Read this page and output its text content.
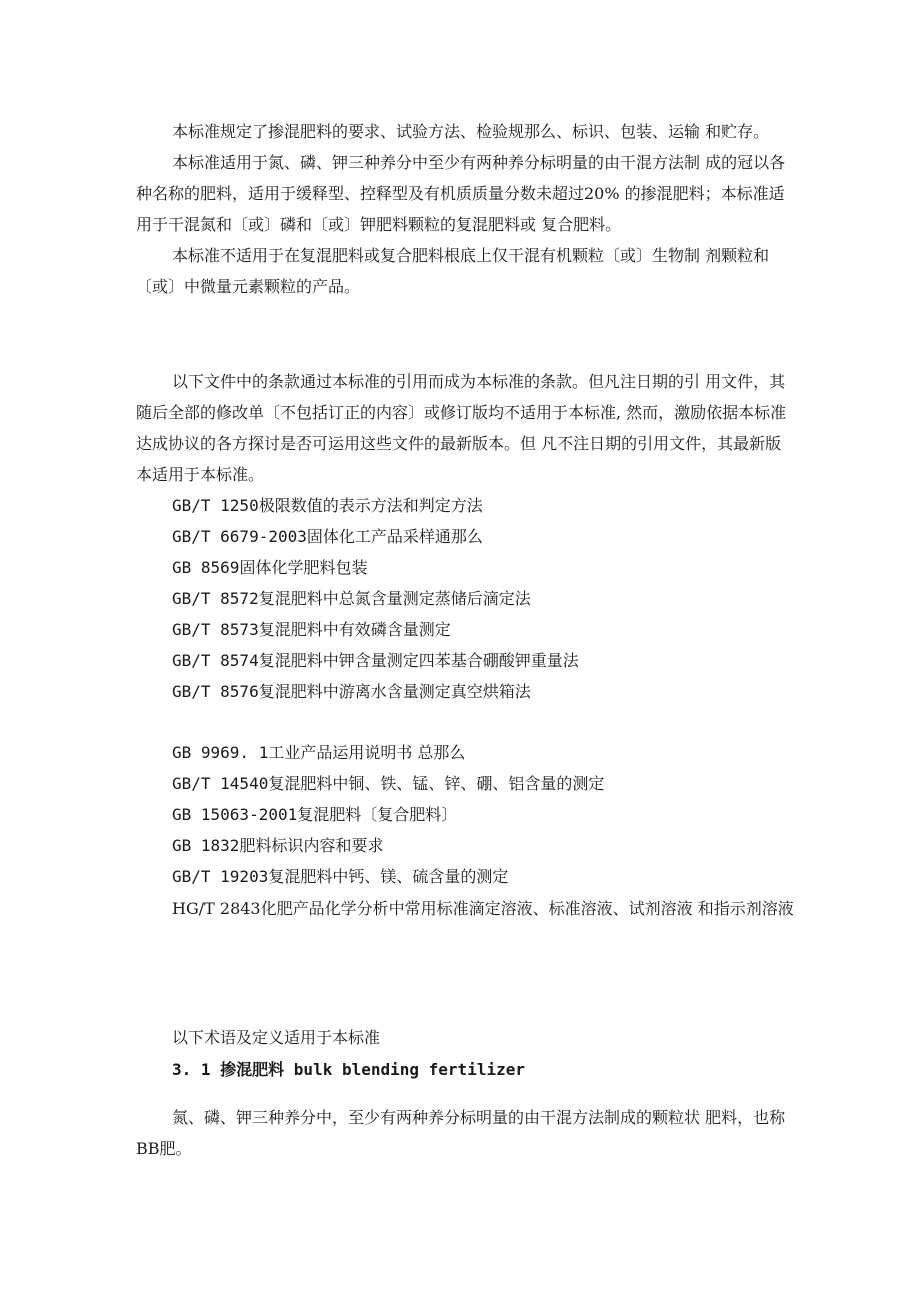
本标准规定了掺混肥料的要求、试验方法、检验规那么、标识、包装、运输 和贮存。

本标准适用于氮、磷、钾三种养分中至少有两种养分标明量的由干混方法制 成的冠以各种名称的肥料，适用于缓释型、控释型及有机质质量分数未超过20% 的掺混肥料；本标准适用于干混氮和〔或〕磷和〔或〕钾肥料颗粒的复混肥料或 复合肥料。

本标准不适用于在复混肥料或复合肥料根底上仅干混有机颗粒〔或〕生物制 剂颗粒和〔或〕中微量元素颗粒的产品。

以下文件中的条款通过本标准的引用而成为本标准的条款。但凡注日期的引 用文件，其随后全部的修改单〔不包括订正的内容〕或修订版均不适用于本标准, 然而，激励依据本标准达成协议的各方探讨是否可运用这些文件的最新版本。但 凡不注日期的引用文件，其最新版本适用于本标准。

GB/T 1250极限数值的表示方法和判定方法

GB/T 6679-2003固体化工产品采样通那么

GB 8569固体化学肥料包装

GB/T 8572复混肥料中总氮含量测定蒸储后滴定法

GB/T 8573复混肥料中有效磷含量测定

GB/T 8574复混肥料中钾含量测定四苯基合硼酸钾重量法

GB/T 8576复混肥料中游离水含量测定真空烘箱法

GB 9969. 1工业产品运用说明书 总那么

GB/T 14540复混肥料中铜、铁、锰、锌、硼、铝含量的测定

GB 15063-2001复混肥料〔复合肥料〕

GB 1832肥料标识内容和要求

GB/T 19203复混肥料中钙、镁、硫含量的测定

HG/T 2843化肥产品化学分析中常用标准滴定溶液、标准溶液、试剂溶液 和指示剂溶液

以下术语及定义适用于本标准

3. 1 掺混肥料 bulk blending fertilizer

氮、磷、钾三种养分中，至少有两种养分标明量的由干混方法制成的颗粒状 肥料，也称BB肥。
